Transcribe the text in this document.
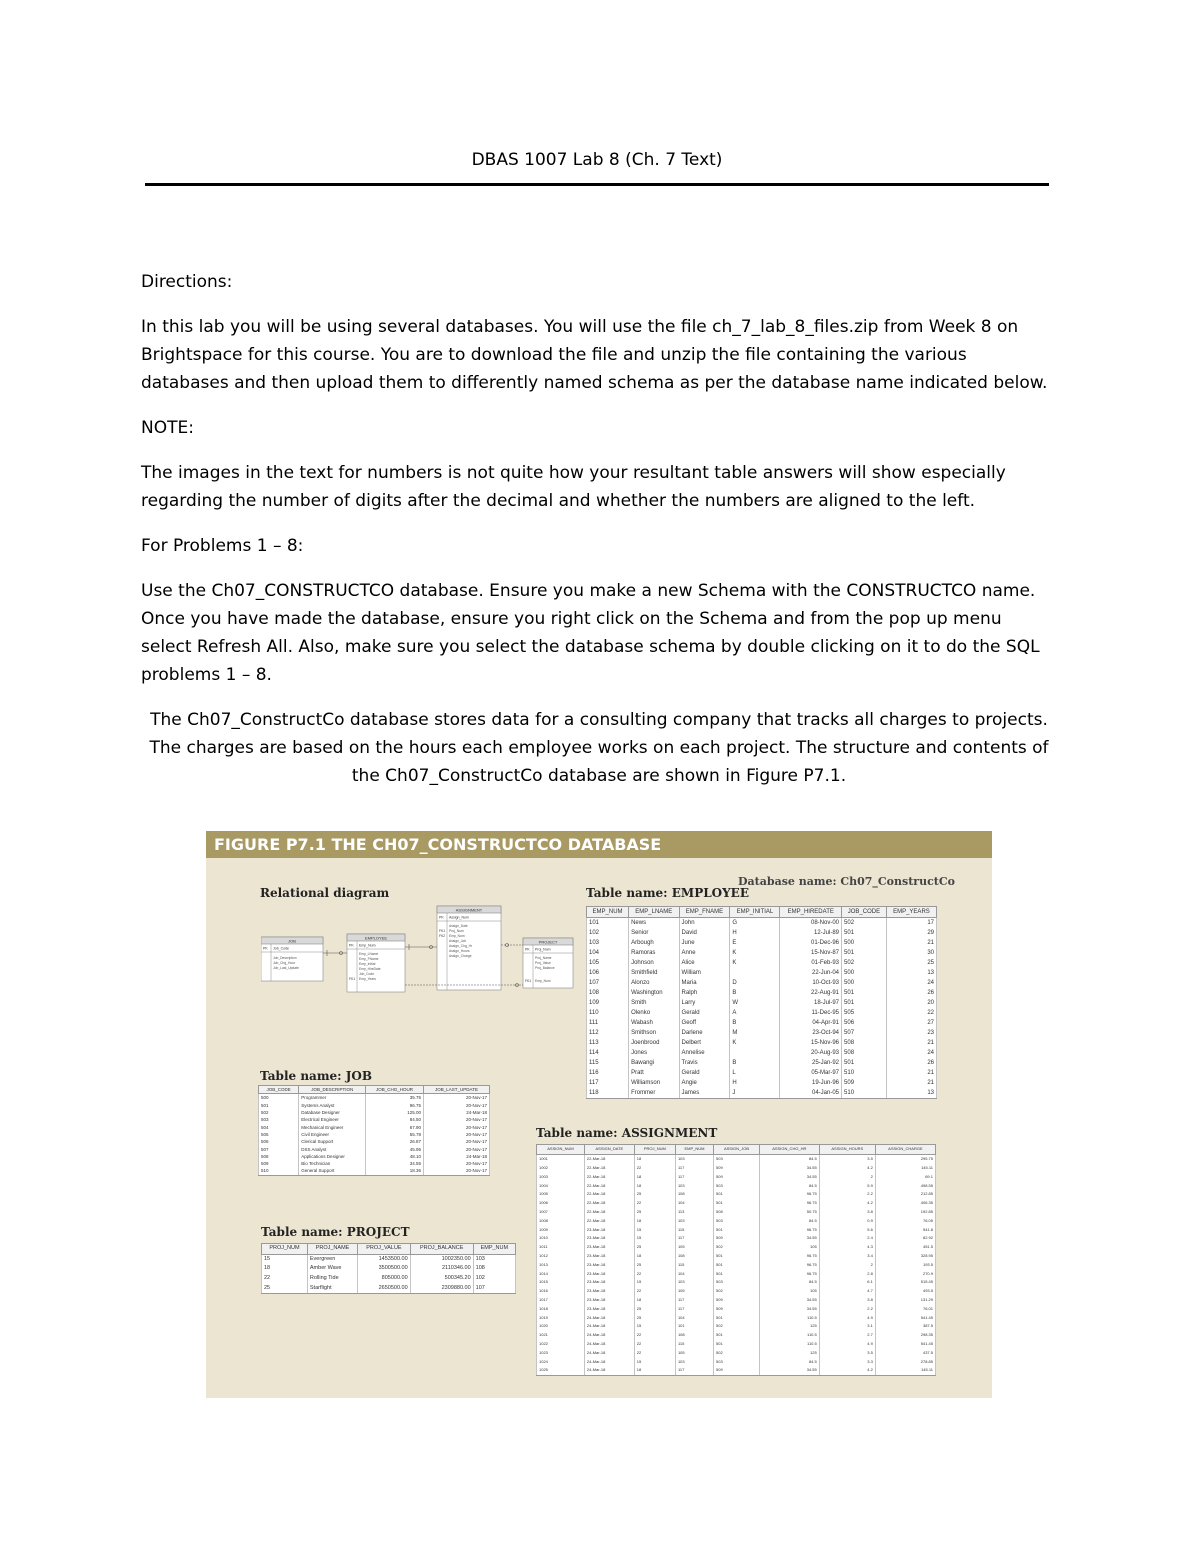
DBAS 1007 Lab 8 (Ch. 7 Text)

Directions:

In this lab you will be using several databases. You will use the file ch_7_lab_8_files.zip from Week 8 on Brightspace for this course. You are to download the file and unzip the file containing the various databases and then upload them to differently named schema as per the database name indicated below.

NOTE:

The images in the text for numbers is not quite how your resultant table answers will show especially regarding the number of digits after the decimal and whether the numbers are aligned to the left.

For Problems 1 – 8:

Use the Ch07_CONSTRUCTCO database. Ensure you make a new Schema with the CONSTRUCTCO name. Once you have made the database, ensure you right click on the Schema and from the pop up menu select Refresh All. Also, make sure you select the database schema by double clicking on it to do the SQL problems 1 – 8.

The Ch07_ConstructCo database stores data for a consulting company that tracks all charges to projects. The charges are based on the hours each employee works on each project. The structure and contents of the Ch07_ConstructCo database are shown in Figure P7.1.

FIGURE P7.1 THE CH07_CONSTRUCTCO DATABASE
Database name: Ch07_ConstructCo
Relational diagram	Table name: EMPLOYEE
Table name: JOB
Table name: ASSIGNMENT
Table name: PROJECT
JOB
PK Job_Code
Job_Description
Job_Chg_Hour
Job_Last_Update
EMPLOYEE
PK Emp_Num
Emp_LName
Emp_FName
Emp_Initial
Emp_HireDate
Job_Code
FK1 Emp_Years
ASSIGNMENT
PK Assign_Num
Assign_Date
FK1 Proj_Num
FK2 Emp_Num
Assign_Job
Assign_Chg_Hr
Assign_Hours
Assign_Charge
PROJECT
PK Proj_Num
Proj_Name
Proj_Value
Proj_Balance
FK1 Emp_Num
EMP_NUM	EMP_LNAME	EMP_FNAME	EMP_INITIAL	EMP_HIREDATE	JOB_CODE	EMP_YEARS
101	News	John	G	08-Nov-00	502	17
102	Senior	David	H	12-Jul-89	501	29
103	Arbough	June	E	01-Dec-96	500	21
104	Ramoras	Anne	K	15-Nov-87	501	30
105	Johnson	Alice	K	01-Feb-93	502	25
106	Smithfield	William		22-Jun-04	500	13
107	Alonzo	Maria	D	10-Oct-93	500	24
108	Washington	Ralph	B	22-Aug-91	501	26
109	Smith	Larry	W	18-Jul-97	501	20
110	Olenko	Gerald	A	11-Dec-95	505	22
111	Wabash	Geoff	B	04-Apr-91	506	27
112	Smithson	Darlene	M	23-Oct-94	507	23
113	Joenbrood	Delbert	K	15-Nov-96	508	21
114	Jones	Annelise		20-Aug-93	508	24
115	Bawangi	Travis	B	25-Jan-92	501	26
116	Pratt	Gerald	L	05-Mar-97	510	21
117	Williamson	Angie	H	19-Jun-96	509	21
118	Frommer	James	J	04-Jan-05	510	13
JOB_CODE	JOB_DESCRIPTION	JOB_CHG_HOUR	JOB_LAST_UPDATE
500	Programmer	35.75	20-Nov-17
501	Systems Analyst	96.75	20-Nov-17
502	Database Designer	125.00	24-Mar-18
503	Electrical Engineer	84.50	20-Nov-17
504	Mechanical Engineer	67.90	20-Nov-17
505	Civil Engineer	55.78	20-Nov-17
506	Clerical Support	26.87	20-Nov-17
507	DSS Analyst	45.95	20-Nov-17
508	Applications Designer	48.10	24-Mar-18
509	Bio Technician	34.55	20-Nov-17
510	General Support	18.36	20-Nov-17
PROJ_NUM	PROJ_NAME	PROJ_VALUE	PROJ_BALANCE	EMP_NUM
15	Evergreen	1453500.00	1002350.00	103
18	Amber Wave	3500500.00	2110346.00	108
22	Rolling Tide	805000.00	500345.20	102
25	Starflight	2650500.00	2309880.00	107
ASSIGN_NUM	ASSIGN_DATE	PROJ_NUM	EMP_NUM	ASSIGN_JOB	ASSIGN_CHG_HR	ASSIGN_HOURS	ASSIGN_CHARGE
1001	22-Mar-18	18	103	503	84.5	3.5	295.75
1002	22-Mar-18	22	117	509	34.55	4.2	145.11
1003	22-Mar-18	18	117	509	34.55	2	69.1
1004	22-Mar-18	18	103	503	84.5	5.9	498.55
1005	22-Mar-18	25	108	501	96.75	2.2	212.85
1006	22-Mar-18	22	104	501	96.75	4.2	406.35
1007	22-Mar-18	25	113	508	50.75	3.8	192.85
1008	22-Mar-18	18	103	503	84.5	0.9	76.05
1009	23-Mar-18	15	115	501	96.75	5.6	541.8
1010	23-Mar-18	15	117	509	34.55	2.4	82.92
1011	23-Mar-18	25	105	502	105	4.3	451.5
1012	23-Mar-18	18	108	501	96.75	3.4	328.95
1013	23-Mar-18	25	115	501	96.75	2	193.5
1014	23-Mar-18	22	104	501	96.75	2.8	270.9
1015	23-Mar-18	15	103	503	84.5	6.1	515.45
1016	23-Mar-18	22	105	502	105	4.7	493.5
1017	23-Mar-18	18	117	509	34.55	3.8	131.29
1018	23-Mar-18	25	117	509	34.55	2.2	76.01
1019	24-Mar-18	25	104	501	110.5	4.9	541.45
1020	24-Mar-18	15	101	502	125	3.1	387.5
1021	24-Mar-18	22	108	501	110.5	2.7	298.35
1022	24-Mar-18	22	115	501	110.5	4.9	541.45
1023	24-Mar-18	22	105	502	125	3.5	437.5
1024	24-Mar-18	15	103	503	84.5	3.3	278.85
1025	24-Mar-18	18	117	509	34.55	4.2	145.11
